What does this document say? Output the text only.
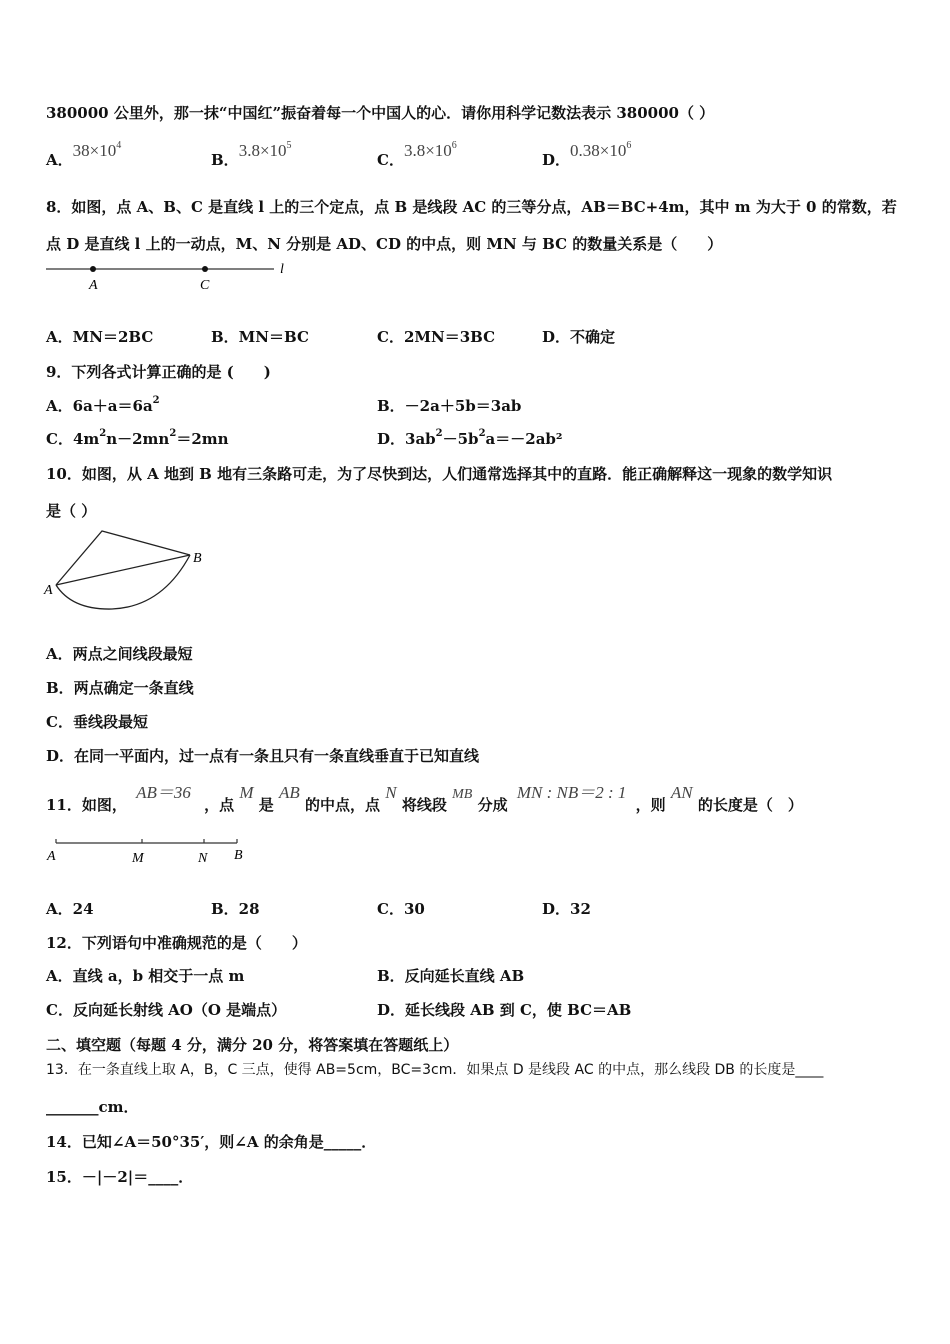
380000 公里外，那一抹“中国红”振奋着每一个中国人的心．请你用科学记数法表示 380000（ ）
A．$38\times 10^4$
B．$3.8\times 10^5$
C．$3.8\times 10^6$
D．$0.38\times 10^6$
8．如图，点 A、B、C 是直线 l 上的三个定点，点 B 是线段 AC 的三等分点，AB＝BC+4m，其中 m 为大于 0 的常数，若
点 D 是直线 l 上的一动点，M、N 分别是 AD、CD 的中点，则 MN 与 BC 的数量关系是（　　）
A	C
l
A．MN＝2BC	B．MN＝BC	C．2MN＝3BC	D．不确定
9．下列各式计算正确的是 (　　)
A．$6a+a=6a^2$	B．－2a＋5b＝3ab
C．$4m^2n-2mn^2=2mn$	D．$3ab^2-5b^2a=-2ab^2$
10．如图，从 A 地到 B 地有三条路可走，为了尽快到达，人们通常选择其中的直路．能正确解释这一现象的数学知识
是（ ）
A
B
A．两点之间线段最短
B．两点确定一条直线
C．垂线段最短
D．在同一平面内，过一点有一条且只有一条直线垂直于已知直线
11．如图， AB＝36 ，点 M 是 AB 的中点，点 N 将线段 MB 分成 MN : NB＝2 : 1 ，则 AN 的长度是（　）
A	M	N B
A．24	B．28	C．30	D．32
12．下列语句中准确规范的是（　　）
A．直线 a，b 相交于一点 m	B．反向延长直线 AB
C．反向延长射线 AO（O 是端点）	D．延长线段 AB 到 C，使 BC＝AB
二、填空题（每题 4 分，满分 20 分，将答案填在答题纸上）
13．在一条直线上取 A，B，C 三点，使得 AB=5cm，BC=3cm．如果点 D 是线段 AC 的中点，那么线段 DB 的长度是____
_______cm．
14．已知∠A＝50°35′，则∠A 的余角是_____．
15．－|－2|＝____．
